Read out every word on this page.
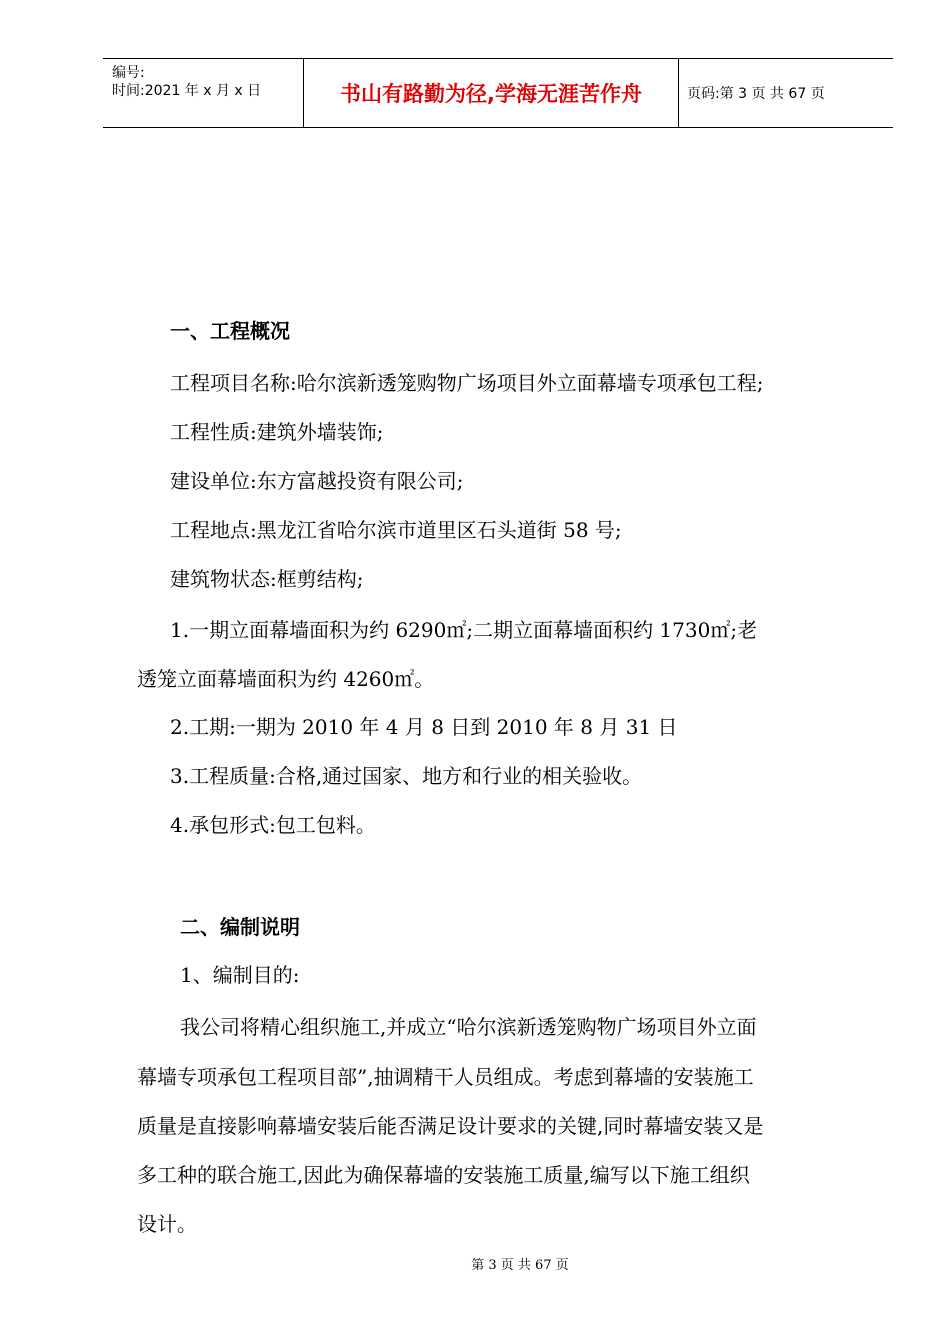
编号:
时间:2021 年 x 月 x 日	书山有路勤为径,学海无涯苦作舟	页码:第 3 页 共 67 页
一、工程概况
工程项目名称:哈尔滨新透笼购物广场项目外立面幕墙专项承包工程;
工程性质:建筑外墙装饰;
建设单位:东方富越投资有限公司;
工程地点:黑龙江省哈尔滨市道里区石头道街 58 号;
建筑物状态:框剪结构;
1.一期立面幕墙面积为约 6290㎡;二期立面幕墙面积约 1730㎡;老
透笼立面幕墙面积为约 4260㎡。
2.工期:一期为 2010 年 4 月 8 日到 2010 年 8 月 31 日
3.工程质量:合格,通过国家、地方和行业的相关验收。
4.承包形式:包工包料。
二、编制说明
1、编制目的:
我公司将精心组织施工,并成立“哈尔滨新透笼购物广场项目外立面
幕墙专项承包工程项目部”,抽调精干人员组成。考虑到幕墙的安装施工
质量是直接影响幕墙安装后能否满足设计要求的关键,同时幕墙安装又是
多工种的联合施工,因此为确保幕墙的安装施工质量,编写以下施工组织
设计。
第 3 页 共 67 页
